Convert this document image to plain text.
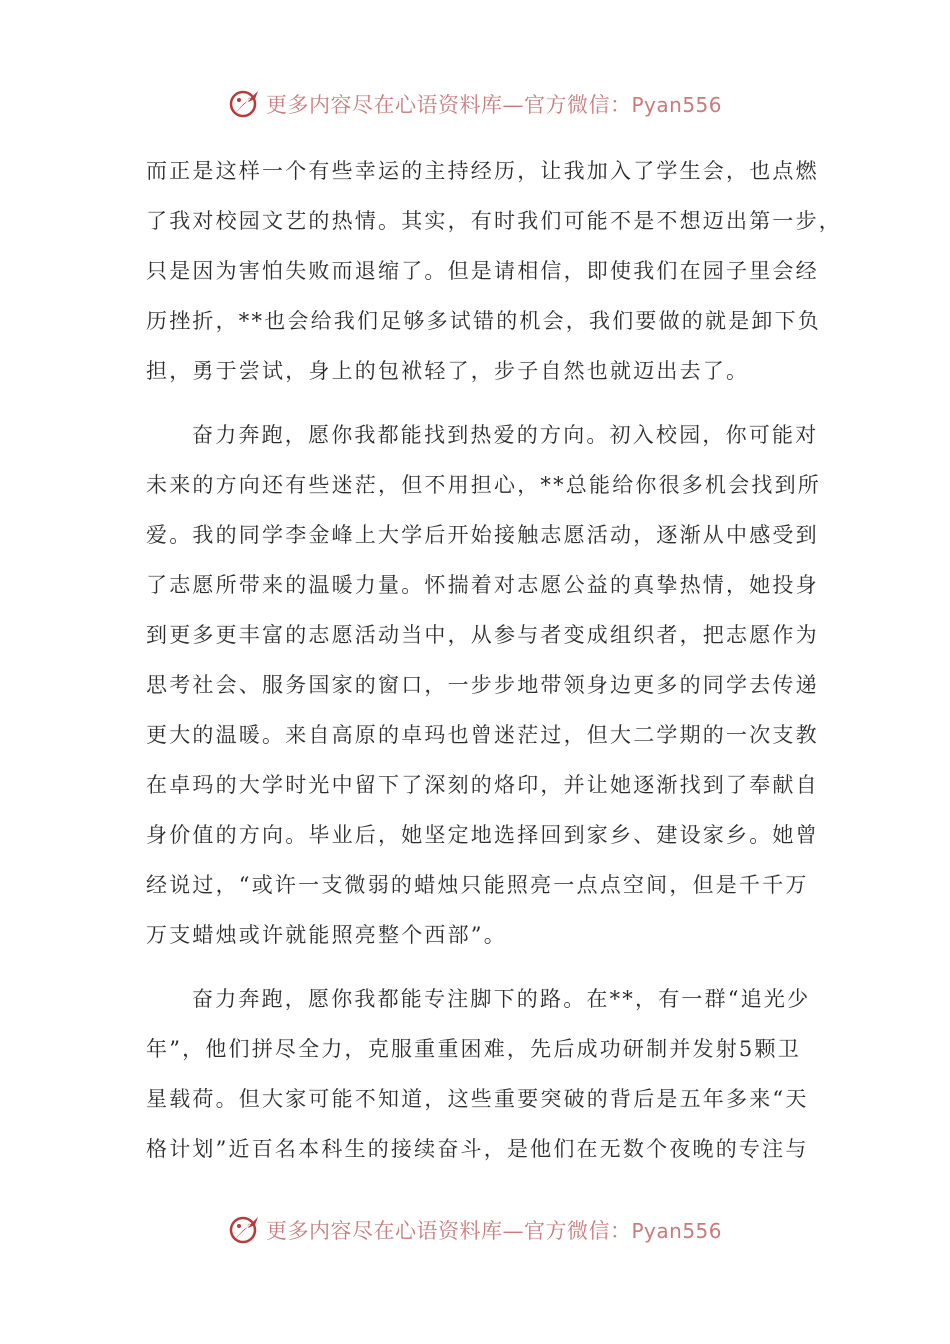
更多内容尽在心语资料库—官方微信：Pyan556
而正是这样一个有些幸运的主持经历，让我加入了学生会，也点燃
了我对校园文艺的热情。其实，有时我们可能不是不想迈出第一步，
只是因为害怕失败而退缩了。但是请相信，即使我们在园子里会经
历挫折，**也会给我们足够多试错的机会，我们要做的就是卸下负
担，勇于尝试，身上的包袱轻了，步子自然也就迈出去了。
奋力奔跑，愿你我都能找到热爱的方向。初入校园，你可能对
未来的方向还有些迷茫，但不用担心，**总能给你很多机会找到所
爱。我的同学李金峰上大学后开始接触志愿活动，逐渐从中感受到
了志愿所带来的温暖力量。怀揣着对志愿公益的真挚热情，她投身
到更多更丰富的志愿活动当中，从参与者变成组织者，把志愿作为
思考社会、服务国家的窗口，一步步地带领身边更多的同学去传递
更大的温暖。来自高原的卓玛也曾迷茫过，但大二学期的一次支教
在卓玛的大学时光中留下了深刻的烙印，并让她逐渐找到了奉献自
身价值的方向。毕业后，她坚定地选择回到家乡、建设家乡。她曾
经说过，“或许一支微弱的蜡烛只能照亮一点点空间，但是千千万
万支蜡烛或许就能照亮整个西部”。
奋力奔跑，愿你我都能专注脚下的路。在**，有一群“追光少
年”，他们拼尽全力，克服重重困难，先后成功研制并发射5颗卫
星载荷。但大家可能不知道，这些重要突破的背后是五年多来“天
格计划”近百名本科生的接续奋斗，是他们在无数个夜晚的专注与
更多内容尽在心语资料库—官方微信：Pyan556
